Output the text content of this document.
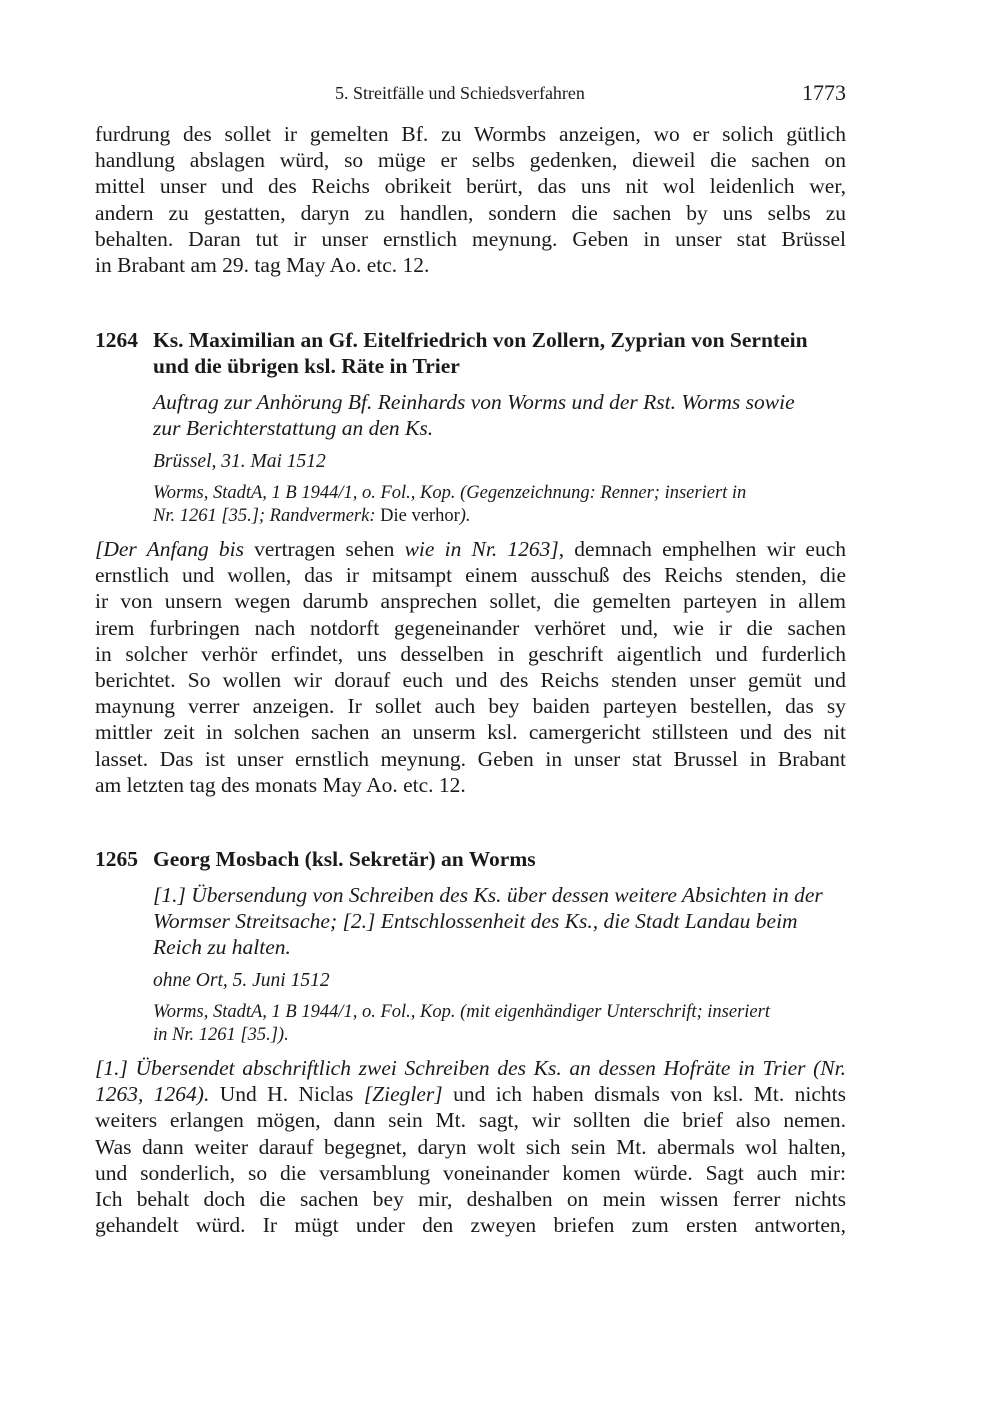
5. Streitfälle und Schiedsverfahren	1773

furdrung des sollet ir gemelten Bf. zu Wormbs anzeigen, wo er solich gütlich
handlung abslagen würd, so müge er selbs gedenken, dieweil die sachen on
mittel unser und des Reichs obrikeit berürt, das uns nit wol leidenlich wer,
andern zu gestatten, daryn zu handlen, sondern die sachen by uns selbs zu
behalten. Daran tut ir unser ernstlich meynung. Geben in unser stat Brüssel
in Brabant am 29. tag May Ao. etc. 12.

1264 Ks. Maximilian an Gf. Eitelfriedrich von Zollern, Zyprian von Serntein
und die übrigen ksl. Räte in Trier

Auftrag zur Anhörung Bf. Reinhards von Worms und der Rst. Worms sowie
zur Berichterstattung an den Ks.

Brüssel, 31. Mai 1512

Worms, StadtA, 1 B 1944/1, o. Fol., Kop. (Gegenzeichnung: Renner; inseriert in
Nr. 1261 [35.]; Randvermerk: Die verhor).

[Der Anfang bis vertragen sehen wie in Nr. 1263], demnach emphelhen wir euch
ernstlich und wollen, das ir mitsampt einem ausschuß des Reichs stenden, die
ir von unsern wegen darumb ansprechen sollet, die gemelten parteyen in allem
irem furbringen nach notdorft gegeneinander verhöret und, wie ir die sachen
in solcher verhör erfindet, uns desselben in geschrift aigentlich und furderlich
berichtet. So wollen wir dorauf euch und des Reichs stenden unser gemüt und
maynung verrer anzeigen. Ir sollet auch bey baiden parteyen bestellen, das sy
mittler zeit in solchen sachen an unserm ksl. camergericht stillsteen und des nit
lasset. Das ist unser ernstlich meynung. Geben in unser stat Brussel in Brabant
am letzten tag des monats May Ao. etc. 12.

1265 Georg Mosbach (ksl. Sekretär) an Worms

[1.] Übersendung von Schreiben des Ks. über dessen weitere Absichten in der
Wormser Streitsache; [2.] Entschlossenheit des Ks., die Stadt Landau beim
Reich zu halten.

ohne Ort, 5. Juni 1512

Worms, StadtA, 1 B 1944/1, o. Fol., Kop. (mit eigenhändiger Unterschrift; inseriert
in Nr. 1261 [35.]).

[1.] Übersendet abschriftlich zwei Schreiben des Ks. an dessen Hofräte in Trier (Nr.
1263, 1264). Und H. Niclas [Ziegler] und ich haben dismals von ksl. Mt. nichts
weiters erlangen mögen, dann sein Mt. sagt, wir sollten die brief also nemen.
Was dann weiter darauf begegnet, daryn wolt sich sein Mt. abermals wol halten,
und sonderlich, so die versamblung voneinander komen würde. Sagt auch mir:
Ich behalt doch die sachen bey mir, deshalben on mein wissen ferrer nichts
gehandelt würd. Ir mügt under den zweyen briefen zum ersten antworten,
